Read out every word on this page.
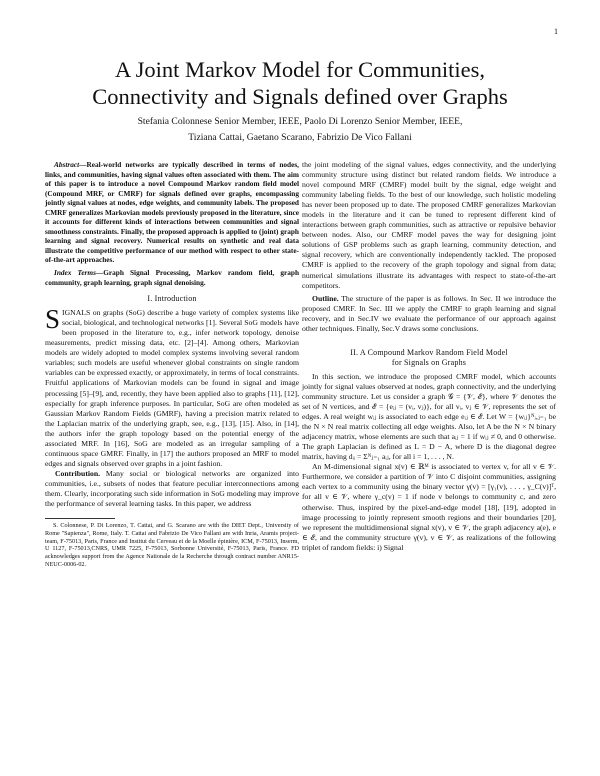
1
A Joint Markov Model for Communities,
Connectivity and Signals defined over Graphs
Stefania Colonnese Senior Member, IEEE, Paolo Di Lorenzo Senior Member, IEEE,
Tiziana Cattai, Gaetano Scarano, Fabrizio De Vico Fallani

Abstract—Real-world networks are typically described in terms of nodes, links, and communities, having signal values often associated with them. The aim of this paper is to introduce a novel Compound Markov random field model (Compound MRF, or CMRF) for signals defined over graphs, encompassing jointly signal values at nodes, edge weights, and community labels. The proposed CMRF generalizes Markovian models previously proposed in the literature, since it accounts for different kinds of interactions between communities and signal smoothness constraints. Finally, the proposed approach is applied to (joint) graph learning and signal recovery. Numerical results on synthetic and real data illustrate the competitive performance of our method with respect to other state-of-the-art approaches.

Index Terms—Graph Signal Processing, Markov random field, graph community, graph learning, graph signal denoising.

I. Introduction

SIGNALS on graphs (SoG) describe a huge variety of complex systems like social, biological, and technological networks [1]. Several SoG models have been proposed in the literature to, e.g., infer network topology, denoise measurements, predict missing data, etc. [2]–[4]. Among others, Markovian models are widely adopted to model complex systems involving several random variables; such models are useful whenever global constraints on single random variables can be expressed exactly, or approximately, in terms of local constraints. Fruitful applications of Markovian models can be found in signal and image processing [5]–[9], and, recently, they have been applied also to graphs [11], [12], especially for graph inference purposes. In particular, SoG are often modeled as Gaussian Markov Random Fields (GMRF), having a precision matrix related to the Laplacian matrix of the underlying graph, see, e.g., [13], [15]. Also, in [14], the authors infer the graph topology based on the potential energy of the associated MRF. In [16], SoG are modeled as an irregular sampling of a continuous space GMRF. Finally, in [17] the authors proposed an MRF to model edges and signals observed over graphs in a joint fashion.

Contribution. Many social or biological networks are organized into communities, i.e., subsets of nodes that feature peculiar interconnections among them. Clearly, incorporating such side information in SoG modeling may improve the performance of several learning tasks. In this paper, we address

S. Colonnese, P. Di Lorenzo, T. Cattai, and G. Scarano are with the DIET Dept., University of Rome "Sapienza", Rome, Italy. T. Cattai and Fabrizio De Vico Fallani are with Inria, Aramis project-team, F-75013, Paris, France and Institut du Cerveau et de la Moelle épinière, ICM, F-75013, Inserm, U 1127, F-75013,CNRS, UMR 7225, F-75013, Sorbonne Université, F-75013, Paris, France. FD acknowledges support from the Agence Nationale de la Recherche through contract number ANR15-NEUC-0006-02.

the joint modeling of the signal values, edges connectivity, and the underlying community structure using distinct but related random fields. We introduce a novel compound MRF (CMRF) model built by the signal, edge weight and community labeling fields. To the best of our knowledge, such holistic modeling has never been proposed up to date. The proposed CMRF generalizes Markovian models in the literature and it can be tuned to represent different kind of interactions between graph communities, such as attractive or repulsive behavior between nodes. Also, our CMRF model paves the way for designing joint solutions of GSP problems such as graph learning, community detection, and signal recovery, which are conventionally independently tackled. The proposed CMRF is applied to the recovery of the graph topology and signal from data; numerical simulations illustrate its advantages with respect to state-of-the-art competitors.

Outline. The structure of the paper is as follows. In Sec. II we introduce the proposed CMRF. In Sec. III we apply the CMRF to graph learning and signal recovery, and in Sec.IV we evaluate the performance of our approach against other techniques. Finally, Sec.V draws some conclusions.

II. A Compound Markov Random Field Model
for Signals on Graphs

In this section, we introduce the proposed CMRF model, which accounts jointly for signal values observed at nodes, graph connectivity, and the underlying community structure. Let us consider a graph 𝒢 = {𝒱, ℰ}, where 𝒱 denotes the set of N vertices, and ℰ = {eᵢⱼ = (vᵢ, vⱼ)}, for all vᵢ, vⱼ ∈ 𝒱, represents the set of edges. A real weight wᵢⱼ is associated to each edge eᵢⱼ ∈ ℰ. Let W = {wᵢⱼ}ᴺᵢ,ⱼ₌₁ be the N × N real matrix collecting all edge weights. Also, let A be the N × N binary adjacency matrix, whose elements are such that aᵢⱼ = 1 if wᵢⱼ ≠ 0, and 0 otherwise. The graph Laplacian is defined as L = D − A, where D is the diagonal degree matrix, having dᵢᵢ = Σᴺⱼ₌₁ aᵢⱼ, for all i = 1, . . . , N.

An M-dimensional signal x(v) ∈ ℝᴹ is associated to vertex v, for all v ∈ 𝒱. Furthermore, we consider a partition of 𝒱 into C disjoint communities, assigning each vertex to a community using the binary vector γ(v) = [γ₁(v), . . . , γ_C(v)]ᵀ, for all v ∈ 𝒱, where γ_c(v) = 1 if node v belongs to community c, and zero otherwise. Thus, inspired by the pixel-and-edge model [18], [19], adopted in image processing to jointly represent smooth regions and their boundaries [20], we represent the multidimensional signal x(v), v ∈ 𝒱, the graph adjacency a(e), e ∈ ℰ, and the community structure γ(v), v ∈ 𝒱, as realizations of the following triplet of random fields: i) Signal
